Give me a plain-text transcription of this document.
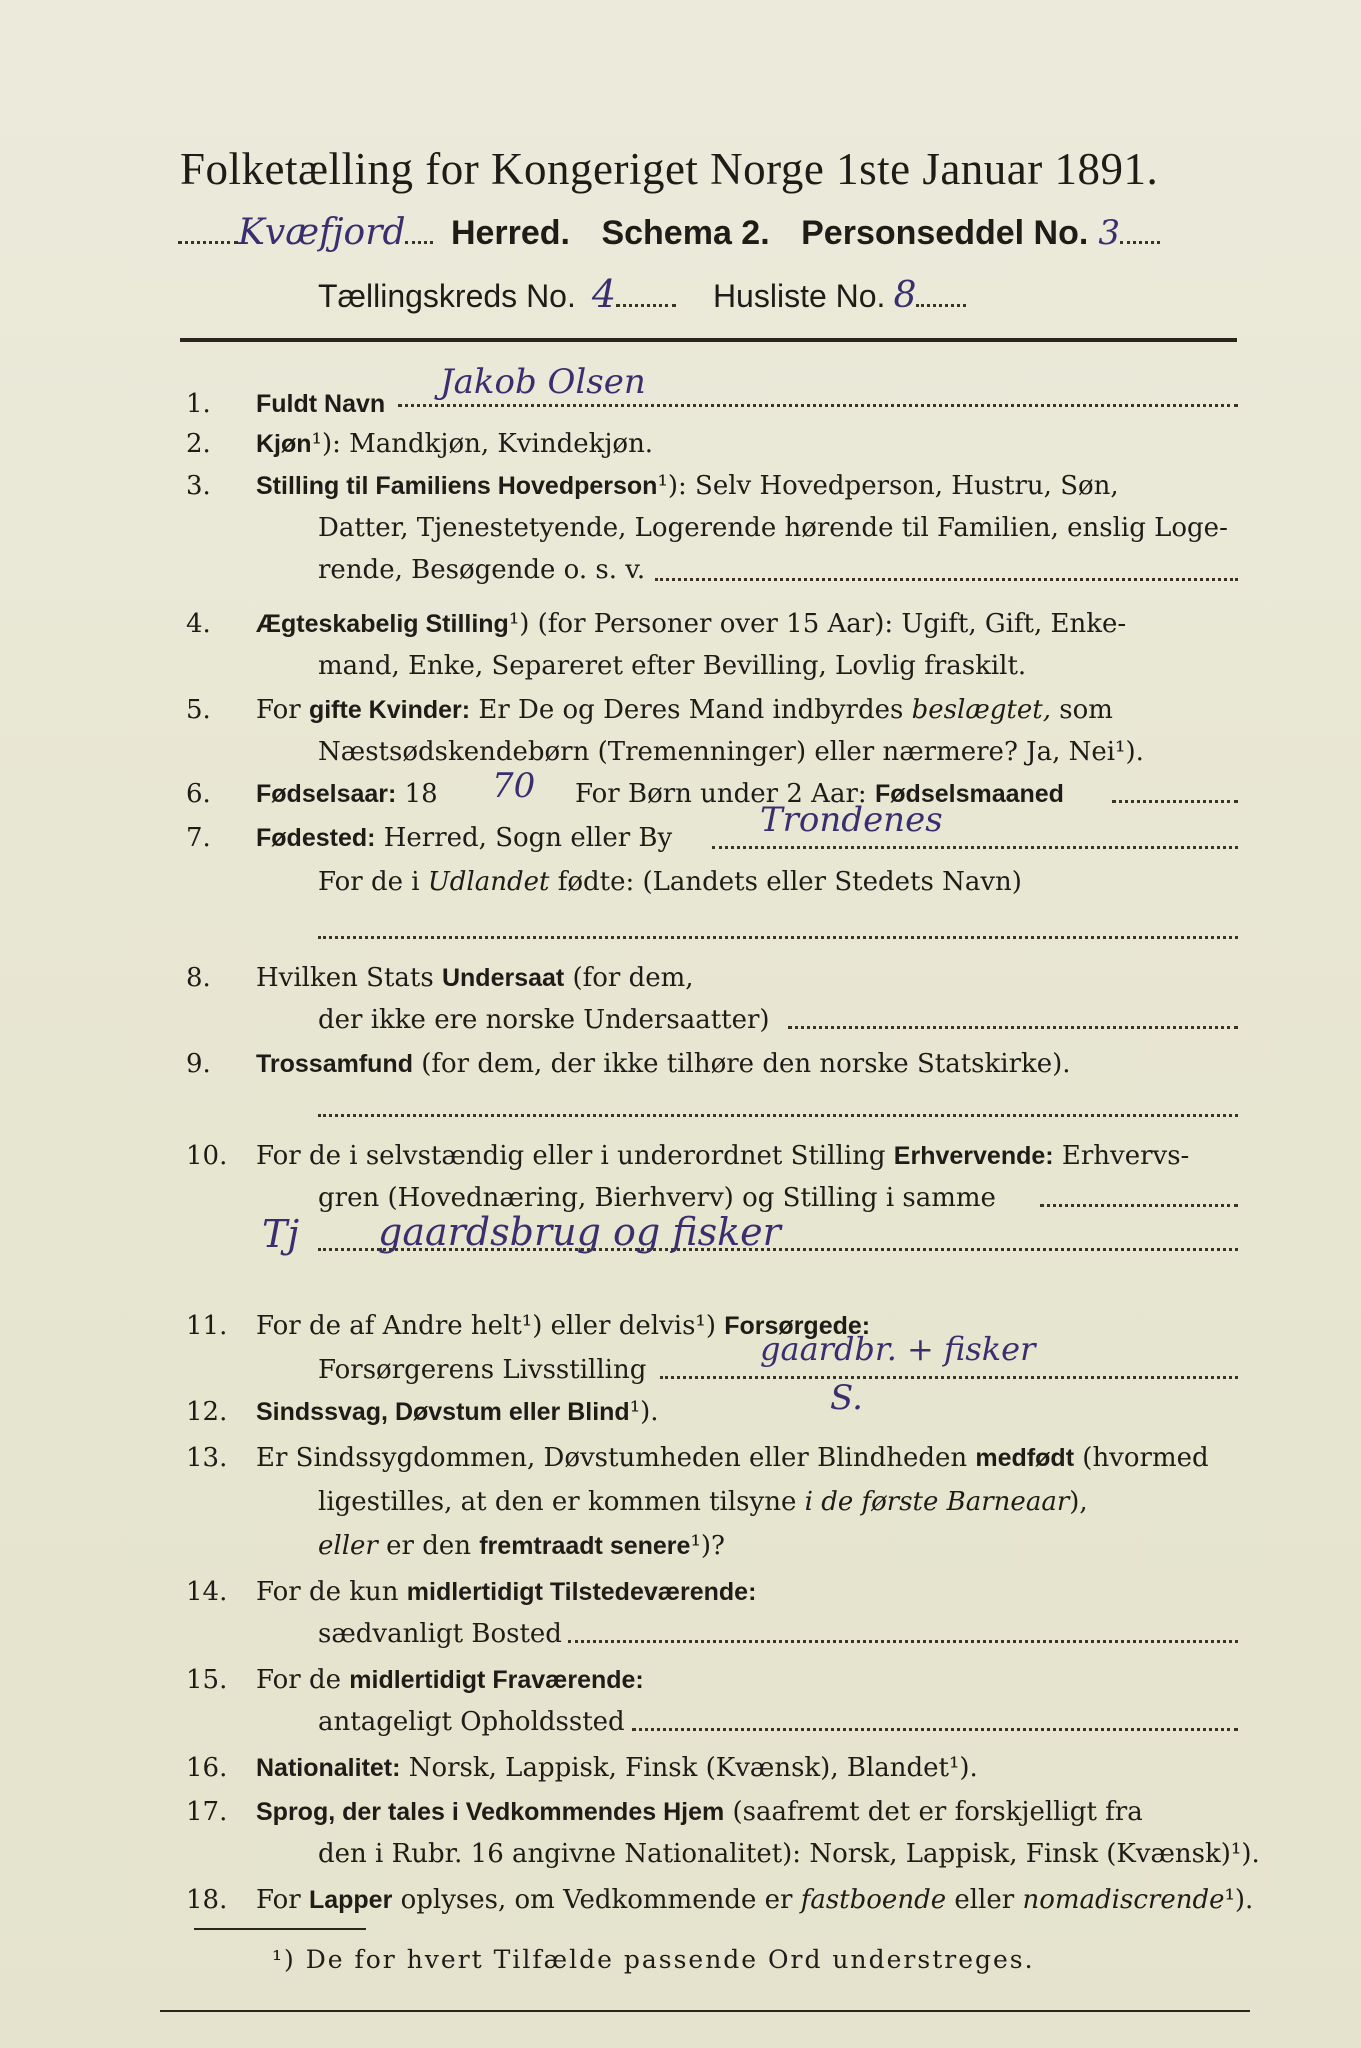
Folketælling for Kongeriget Norge 1ste Januar 1891.
Kvæfjord Herred. Schema 2. Personseddel No. 3
Tællingskreds No. 4	Husliste No. 8
1.	Fuldt Navn
Jakob Olsen
2.	Kjøn¹): Mandkjøn, Kvindekjøn.
3.	Stilling til Familiens Hovedperson¹): Selv Hovedperson, Hustru, Søn,
Datter, Tjenestetyende, Logerende hørende til Familien, enslig Loge-
rende, Besøgende o. s. v.
4.	Ægteskabelig Stilling¹) (for Personer over 15 Aar): Ugift, Gift, Enke-
mand, Enke, Separeret efter Bevilling, Lovlig fraskilt.
5.	For gifte Kvinder: Er De og Deres Mand indbyrdes beslægtet, som
Næstsødskendebørn (Tremenninger) eller nærmere? Ja, Nei¹).
6.	Fødselsaar: 18 70 For Børn under 2 Aar: Fødselsmaaned
7.	Fødested: Herred, Sogn eller By	Trondenes
For de i Udlandet fødte: (Landets eller Stedets Navn)
8.	Hvilken Stats Undersaat (for dem,
der ikke ere norske Undersaatter)
9.	Trossamfund (for dem, der ikke tilhøre den norske Statskirke).
10.	For de i selvstændig eller i underordnet Stilling Erhvervende: Erhvervs-
gren (Hovednæring, Bierhverv) og Stilling i samme
Tj gaardsbrug og fisker
11.	For de af Andre helt¹) eller delvis¹) Forsørgede:
Forsørgerens Livsstilling
gaardbr. + fisker
12.	Sindssvag, Døvstum eller Blind¹).	S.
13.	Er Sindssygdommen, Døvstumheden eller Blindheden medfødt (hvormed
ligestilles, at den er kommen tilsyne i de første Barneaar),
eller er den fremtraadt senere¹)?
14.	For de kun midlertidigt Tilstedeværende:
sædvanligt Bosted
15.	For de midlertidigt Fraværende:
antageligt Opholdssted
16.	Nationalitet: Norsk, Lappisk, Finsk (Kvænsk), Blandet¹).
17.	Sprog, der tales i Vedkommendes Hjem (saafremt det er forskjelligt fra
den i Rubr. 16 angivne Nationalitet): Norsk, Lappisk, Finsk (Kvænsk)¹).
18.	For Lapper oplyses, om Vedkommende er fastboende eller nomadiscrende¹).
¹) De for hvert Tilfælde passende Ord understreges.
